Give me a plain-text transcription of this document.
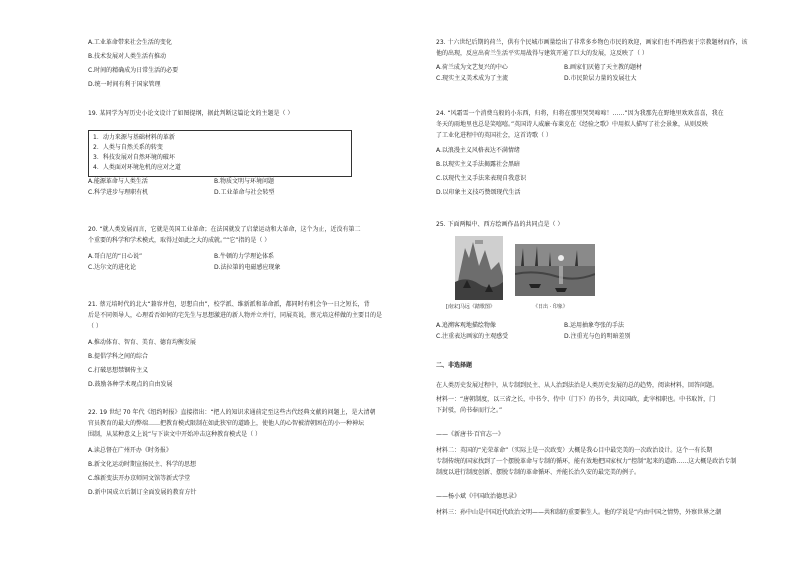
A.工业革命带来社会生活的变化
B.技术发展对人类生活有推动
C.时间的精确成为日常生活的必要
D.统一时间有利于国家管理
19. 某同学为写历史小论文设计了如图提纲，据此判断这篇论文的主题是（ ）
1．动力来源与基础材料的革新
2．人类与自然关系的转变
3．科技发展对自然环境的破坏
4．人类面对环境危机的应对之道
A.能源革命与人类生活	B.物质文明与环境问题
C.科学进步与理职有机	D.工业革命与社会转型
20. “就人类发展而言，它就是英国工业革命；在法国就发了启蒙运动和大革命，这个为止，近没有第二
个重要的科学和学术模式，取得过如此之大的成就。”“它”指的是（ ）
A.哥白尼的“日心说”	B.牛顿的力学理论体系
C.达尔文的进化论	D.法拉第的电磁感应现象
21. 蔡元培时代的北大“兼容并包，思想自由”，校学派、维新派和革命派，都同时有机会争一日之短长，背
后是不同领导人，心理看否如何的宅先生与思想激进的新人物并立并行，同展英说，蔡元培这样做的主要目的是
（ ）
A.推动体育、智育、美育、德育均衡发展
B.提倡学科之间的综合
C.打破思想禁锢传主义
D.鼓励各种学术观点的自由发展
22. 19 世纪 70 年代《纽约时报》直接指出：“把人的知识求通前定至这些古代经典文献的问题上，是大清朝
官员教育的最大的弊端……把教育模式限制在如此狭窄的道路上，使他人的心智被清朝困在的小一种神坛
围制，从某种意义上说“与下读文中开始冲击这种教育模式是（ ）
A.读总督在广州开办《时务报》
B.新文化运动时期宣扬民主、科学的思想
C.维新变法开办京师同文馆等新式学堂
D.新中国成立后制订全面发展的教育方针
23. 十六世纪后期的荷兰，供有个民城市画量绘出了非常多乡物色市民的欢迎，画家们也不再热衷于宗教题材而作，该
他的出现，反应出荷兰生活平实用战得与建筑开通了巨大的发展，这反映了（ ）
A.荷兰成为文艺复兴的中心	B.画家们厌倦了天主教的题材
C.现实主义美术成为了主流	D.市民阶层力量的发展壮大
24. “风霜雪一个消费乌般的小东西，归将，归将在那里哭哭啼啼！……”因为我那先在野地里欢欢喜喜，我在
冬天的雨地里也总是笑嘻嘻。”英国诗人威廉·布莱克在《经验之歌》中用拟人描写了社会景象，从则反映
了工业化进程中的英国社会，这首诗歌（ ）
A.以浪漫主义风格表达不满情绪
B.以现实主义手法揭露社会黑暗
C.以现代主义手法来表现自我意识
D.以印象主义技巧赞颂现代生活
25. 下面两幅中、西方绘画作品的共同点是（ ）
[南宋]马远《踏歌图》	《日出 · 印象》
A.追溯客观地描绘物像	B.运用抽象夸张的手法
C.注重表达画家的主观感受	D.注重光与色的明暗差别
二、非选择题
在人类历史发展过程中，从专制到民主、从人治到法治是人类历史发展的总的趋势，阅读材料，回答问题。
材料一：“唐朝制度，以三省之长，中书令、侍中（门下）的书令，共议国政，此宰相职也。中书取旨，门
下封驳，尚书奉而行之。”
——《新唐书·百官志一》
材料二：英国的“光荣革命”（实际上是一次政变）大概是我心目中最完美的一次政治设计。这个一有长期
专制传统的国家找到了一个摆脱革命与专制的循环，能有效地把国家权力“控制”起来的道路……这大概是政治专制
制度以进行制度创新、摆脱专制的革命循环、并能长治久安的最完美的例子。
——杨小斌《中国政治德思录》
材料三：孙中山是中国近代政治文明——共和制的重要催生人。他的学说是“内由中国之情势，外察世界之潮
